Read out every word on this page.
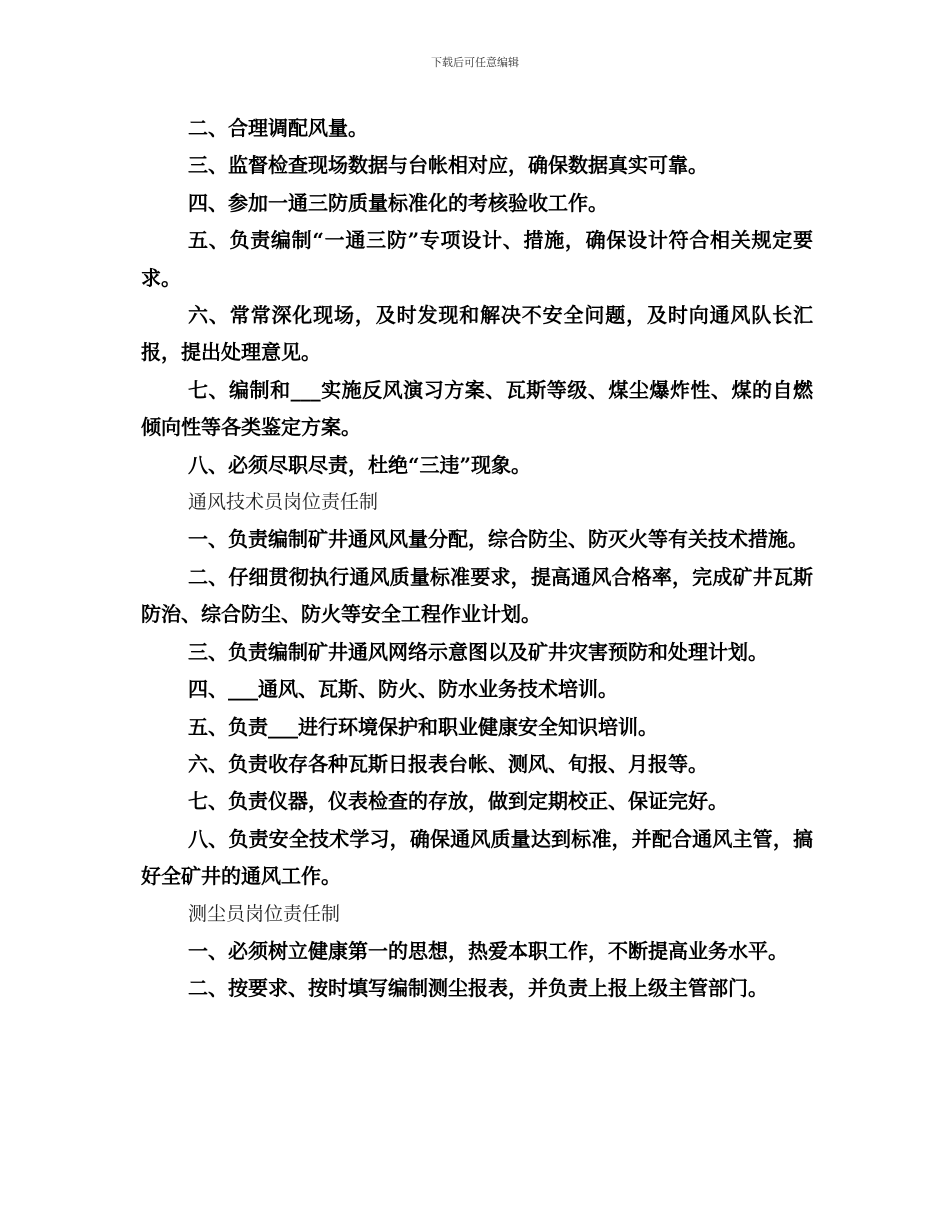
下载后可任意编辑

二、合理调配风量。

三、监督检查现场数据与台帐相对应，确保数据真实可靠。

四、参加一通三防质量标准化的考核验收工作。

五、负责编制“一通三防”专项设计、措施，确保设计符合相关规定要求。

六、常常深化现场，及时发现和解决不安全问题，及时向通风队长汇报，提出处理意见。

七、编制和___实施反风演习方案、瓦斯等级、煤尘爆炸性、煤的自燃倾向性等各类鉴定方案。

八、必须尽职尽责，杜绝“三违”现象。

通风技术员岗位责任制

一、负责编制矿井通风风量分配，综合防尘、防灭火等有关技术措施。

二、仔细贯彻执行通风质量标准要求，提高通风合格率，完成矿井瓦斯防治、综合防尘、防火等安全工程作业计划。

三、负责编制矿井通风网络示意图以及矿井灾害预防和处理计划。

四、___通风、瓦斯、防火、防水业务技术培训。

五、负责___进行环境保护和职业健康安全知识培训。

六、负责收存各种瓦斯日报表台帐、测风、旬报、月报等。

七、负责仪器，仪表检查的存放，做到定期校正、保证完好。

八、负责安全技术学习，确保通风质量达到标准，并配合通风主管，搞好全矿井的通风工作。

测尘员岗位责任制

一、必须树立健康第一的思想，热爱本职工作，不断提高业务水平。

二、按要求、按时填写编制测尘报表，并负责上报上级主管部门。
